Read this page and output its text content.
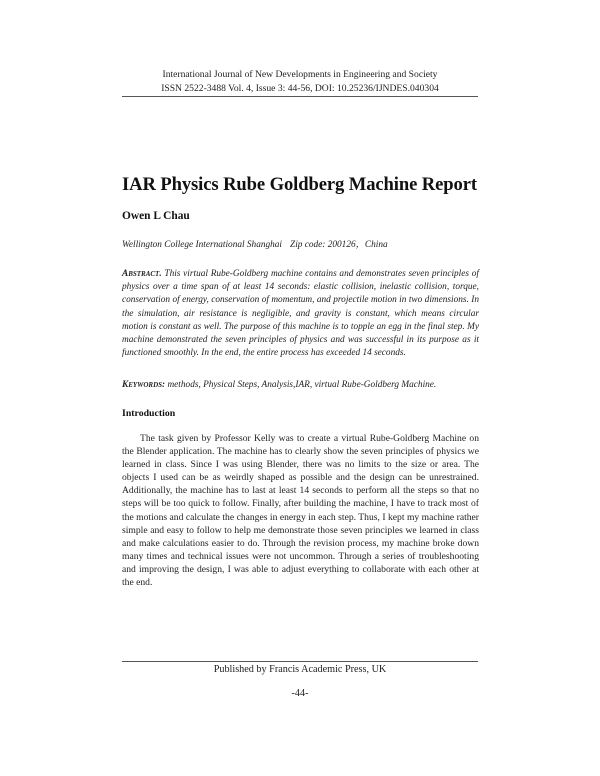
International Journal of New Developments in Engineering and Society
ISSN 2522-3488 Vol. 4, Issue 3: 44-56, DOI: 10.25236/IJNDES.040304
IAR Physics Rube Goldberg Machine Report
Owen L Chau
Wellington College International Shanghai Zip code: 200126，China
Abstract. This virtual Rube-Goldberg machine contains and demonstrates seven principles of physics over a time span of at least 14 seconds: elastic collision, inelastic collision, torque, conservation of energy, conservation of momentum, and projectile motion in two dimensions. In the simulation, air resistance is negligible, and gravity is constant, which means circular motion is constant as well. The purpose of this machine is to topple an egg in the final step. My machine demonstrated the seven principles of physics and was successful in its purpose as it functioned smoothly. In the end, the entire process has exceeded 14 seconds.
Keywords: methods, Physical Steps, Analysis,IAR, virtual Rube-Goldberg Machine.
Introduction
The task given by Professor Kelly was to create a virtual Rube-Goldberg Machine on the Blender application. The machine has to clearly show the seven principles of physics we learned in class. Since I was using Blender, there was no limits to the size or area. The objects I used can be as weirdly shaped as possible and the design can be unrestrained. Additionally, the machine has to last at least 14 seconds to perform all the steps so that no steps will be too quick to follow. Finally, after building the machine, I have to track most of the motions and calculate the changes in energy in each step. Thus, I kept my machine rather simple and easy to follow to help me demonstrate those seven principles we learned in class and make calculations easier to do. Through the revision process, my machine broke down many times and technical issues were not uncommon. Through a series of troubleshooting and improving the design, I was able to adjust everything to collaborate with each other at the end.
Published by Francis Academic Press, UK
-44-
